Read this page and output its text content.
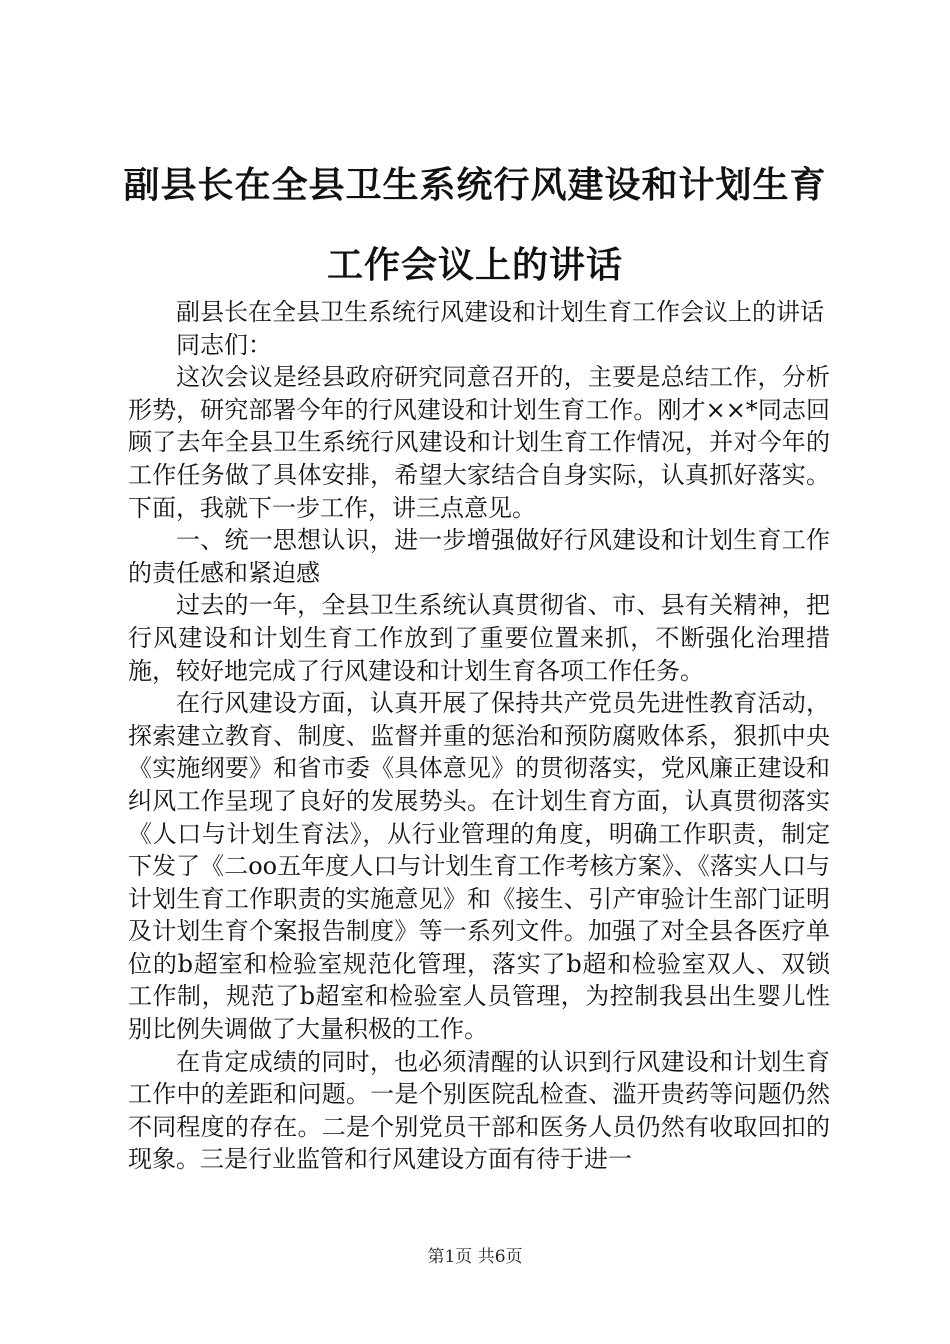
副县长在全县卫生系统行风建设和计划生育工作会议上的讲话

副县长在全县卫生系统行风建设和计划生育工作会议上的讲话

同志们：

这次会议是经县政府研究同意召开的，主要是总结工作，分析形势，研究部署今年的行风建设和计划生育工作。刚才××*同志回顾了去年全县卫生系统行风建设和计划生育工作情况，并对今年的工作任务做了具体安排，希望大家结合自身实际，认真抓好落实。下面，我就下一步工作，讲三点意见。

一、统一思想认识，进一步增强做好行风建设和计划生育工作的责任感和紧迫感

过去的一年，全县卫生系统认真贯彻省、市、县有关精神，把行风建设和计划生育工作放到了重要位置来抓，不断强化治理措施，较好地完成了行风建设和计划生育各项工作任务。

在行风建设方面，认真开展了保持共产党员先进性教育活动，探索建立教育、制度、监督并重的惩治和预防腐败体系，狠抓中央《实施纲要》和省市委《具体意见》的贯彻落实，党风廉正建设和纠风工作呈现了良好的发展势头。在计划生育方面，认真贯彻落实《人口与计划生育法》，从行业管理的角度，明确工作职责，制定下发了《二oo五年度人口与计划生育工作考核方案》、《落实人口与计划生育工作职责的实施意见》和《接生、引产审验计生部门证明及计划生育个案报告制度》等一系列文件。加强了对全县各医疗单位的b超室和检验室规范化管理，落实了b超和检验室双人、双锁工作制，规范了b超室和检验室人员管理，为控制我县出生婴儿性别比例失调做了大量积极的工作。

在肯定成绩的同时，也必须清醒的认识到行风建设和计划生育工作中的差距和问题。一是个别医院乱检查、滥开贵药等问题仍然不同程度的存在。二是个别党员干部和医务人员仍然有收取回扣的现象。三是行业监管和行风建设方面有待于进一

第1页 共6页
